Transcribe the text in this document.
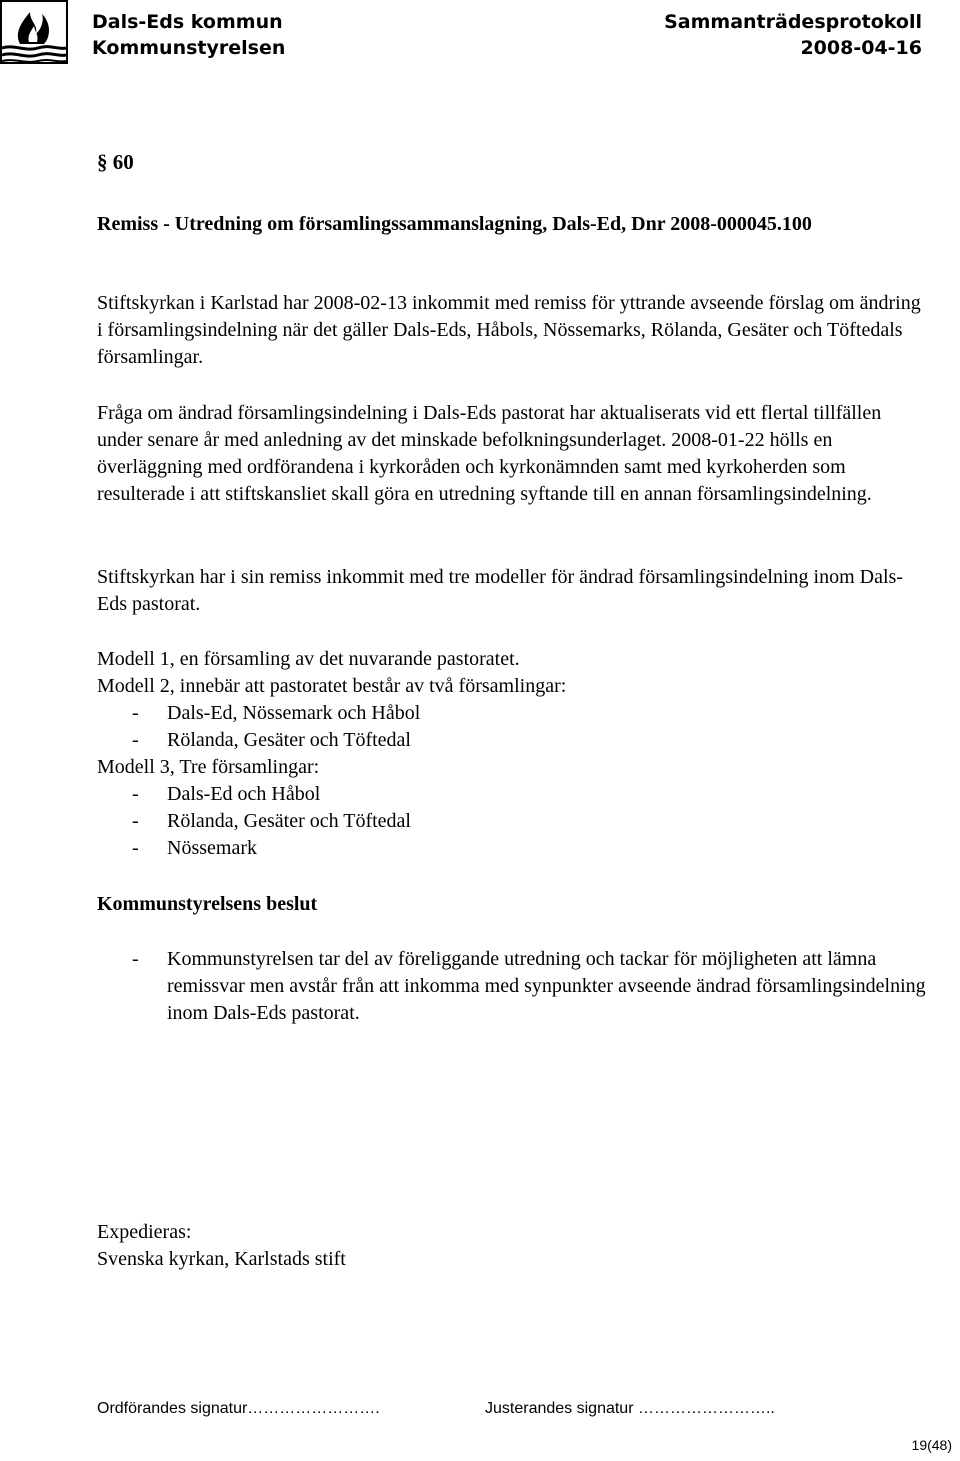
Dals-Eds kommun
Kommunstyrelsen
Sammanträdesprotokoll
2008-04-16
§ 60
Remiss - Utredning om församlingssammanslagning, Dals-Ed, Dnr 2008-000045.100
Stiftskyrkan i Karlstad har 2008-02-13 inkommit med remiss för yttrande avseende förslag om ändring i församlingsindelning när det gäller Dals-Eds, Håbols, Nössemarks, Rölanda, Gesäter och Töftedals församlingar.
Fråga om ändrad församlingsindelning i Dals-Eds pastorat har aktualiserats vid ett flertal tillfällen under senare år med anledning av det minskade befolkningsunderlaget. 2008-01-22 hölls en överläggning med ordförandena i kyrkoråden och kyrkonämnden samt med kyrkoherden som resulterade i att stiftskansliet skall göra en utredning syftande till en annan församlingsindelning.
Stiftskyrkan har i sin remiss inkommit med tre modeller för ändrad församlingsindelning inom Dals-Eds pastorat.
Modell 1, en församling av det nuvarande pastoratet.
Modell 2, innebär att pastoratet består av två församlingar:
- Dals-Ed, Nössemark och Håbol
- Rölanda, Gesäter och Töftedal
Modell 3, Tre församlingar:
- Dals-Ed och Håbol
- Rölanda, Gesäter och Töftedal
- Nössemark
Kommunstyrelsens beslut
- Kommunstyrelsen tar del av föreliggande utredning och tackar för möjligheten att lämna remissvar men avstår från att inkomma med synpunkter avseende ändrad församlingsindelning inom Dals-Eds pastorat.
Expedieras:
Svenska kyrkan, Karlstads stift
Ordförandes signatur…………………….	Justerandes signatur ……………………..
19(48)
